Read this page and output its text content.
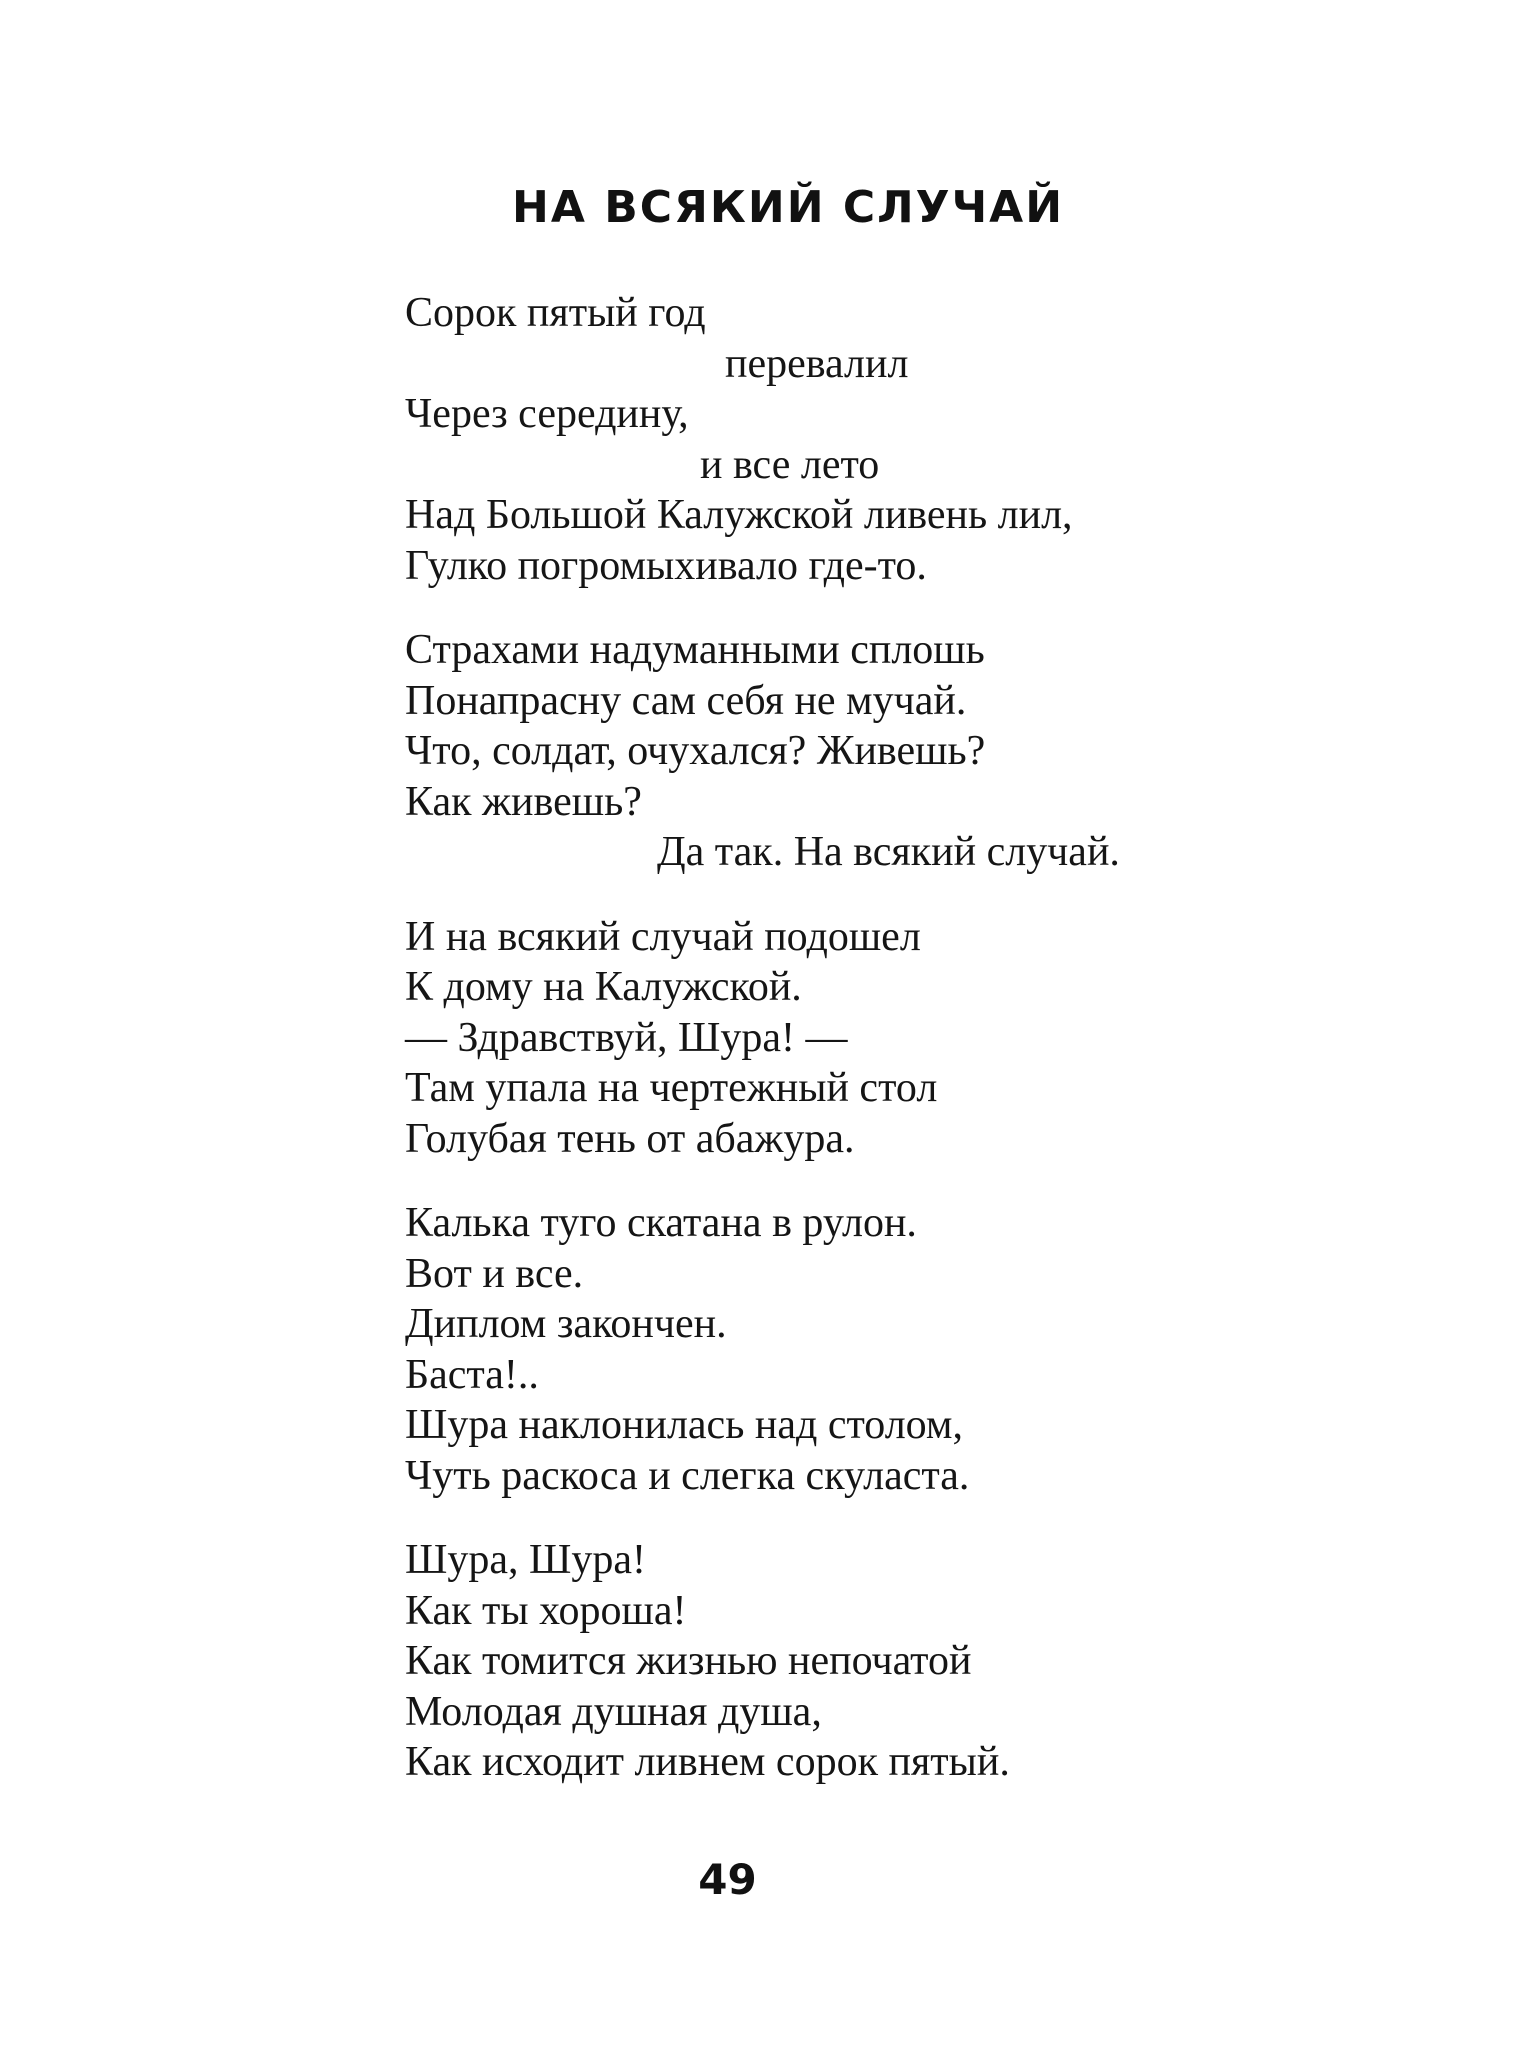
НА ВСЯКИЙ СЛУЧАЙ
Сорок пятый год
перевалил
Через середину,
и все лето
Над Большой Калужской ливень лил,
Гулко погромыхивало где-то.
Страхами надуманными сплошь
Понапрасну сам себя не мучай.
Что, солдат, очухался? Живешь?
Как живешь?
Да так. На всякий случай.
И на всякий случай подошел
К дому на Калужской.
— Здравствуй, Шура! —
Там упала на чертежный стол
Голубая тень от абажура.
Калька туго скатана в рулон.
Вот и все.
Диплом закончен.
Баста!..
Шура наклонилась над столом,
Чуть раскоса и слегка скуласта.
Шура, Шура!
Как ты хороша!
Как томится жизнью непочатой
Молодая душная душа,
Как исходит ливнем сорок пятый.
49
